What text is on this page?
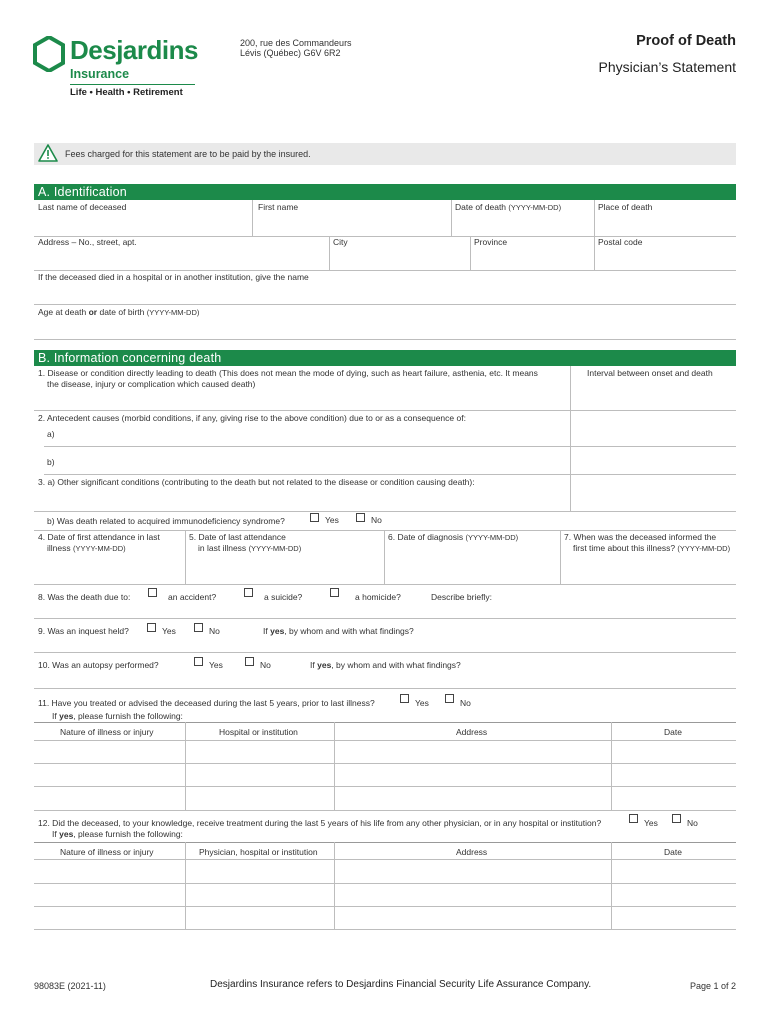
Desjardins
Insurance
Life • Health • Retirement
200, rue des Commandeurs
Lévis (Québec) G6V 6R2
Proof of Death
Physician’s Statement
Fees charged for this statement are to be paid by the insured.
A. Identification
Last name of deceased	First name	Date of death (YYYY-MM-DD)	Place of death
Address – No., street, apt.	City	Province	Postal code
If the deceased died in a hospital or in another institution, give the name
Age at death or date of birth (YYYY-MM-DD)
B. Information concerning death
1. Disease or condition directly leading to death (This does not mean the mode of dying, such as heart failure, asthenia, etc. It means
the disease, injury or complication which caused death)
Interval between onset and death
2. Antecedent causes (morbid conditions, if any, giving rise to the above condition) due to or as a consequence of:
a)
b)
3. a) Other significant conditions (contributing to the death but not related to the disease or condition causing death):
b) Was death related to acquired immunodeficiency syndrome?	Yes	No
4. Date of first attendance in last
illness (YYYY-MM-DD)
5. Date of last attendance
in last illness (YYYY-MM-DD)
6. Date of diagnosis (YYYY-MM-DD)	7. When was the deceased informed the
first time about this illness? (YYYY-MM-DD)
8. Was the death due to:	an accident?	a suicide?	a homicide?	Describe briefly:
9. Was an inquest held?	Yes	No	If yes, by whom and with what findings?
10. Was an autopsy performed?	Yes	No	If yes, by whom and with what findings?
11. Have you treated or advised the deceased during the last 5 years, prior to last illness?	Yes	No
If yes, please furnish the following:
Nature of illness or injury	Hospital or institution	Address	Date
12. Did the deceased, to your knowledge, receive treatment during the last 5 years of his life from any other physician, or in any hospital or institution?	Yes	No
If yes, please furnish the following:
Nature of illness or injury	Physician, hospital or institution	Address	Date
98083E (2021-11)	Desjardins Insurance refers to Desjardins Financial Security Life Assurance Company.	Page 1 of 2
